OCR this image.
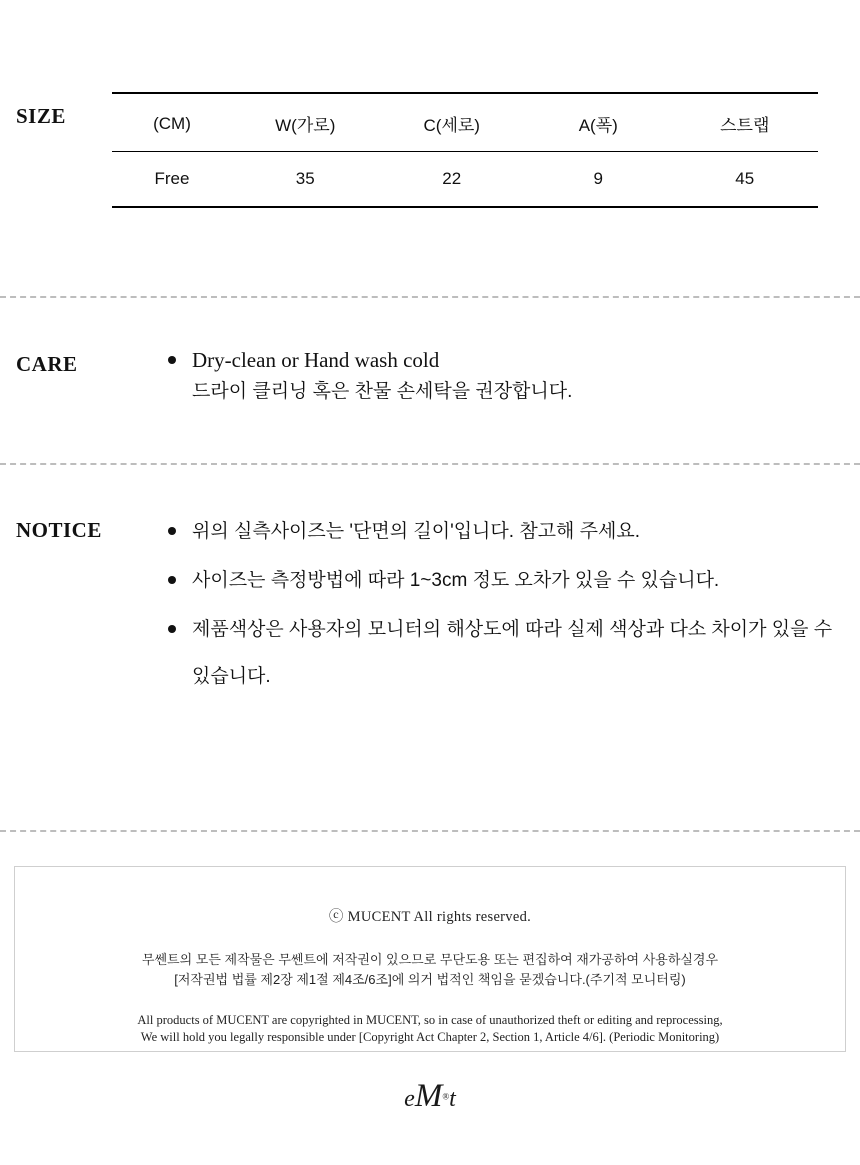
SIZE	(CM)	W(가로)	C(세로)	A(폭)	스트랩
Free	35	22	9	45
CARE	Dry-clean or Hand wash cold
드라이 클리닝 혹은 찬물 손세탁을 권장합니다.
NOTICE	위의 실측사이즈는 '단면의 길이'입니다. 참고해 주세요.
사이즈는 측정방법에 따라 1~3cm 정도 오차가 있을 수 있습니다.
제품색상은 사용자의 모니터의 해상도에 따라 실제 색상과 다소 차이가 있을 수 있습니다.
ⓒ MUCENT All rights reserved.
무쎈트의 모든 제작물은 무쎈트에 저작권이 있으므로 무단도용 또는 편집하여 재가공하여 사용하실경우
[저작권법 법률 제2장 제1절 제4조/6조]에 의거 법적인 책임을 묻겠습니다.(주기적 모니터링)
All products of MUCENT are copyrighted in MUCENT, so in case of unauthorized theft or editing and reprocessing,
We will hold you legally responsible under [Copyright Act Chapter 2, Section 1, Article 4/6]. (Periodic Monitoring)
eM®t
